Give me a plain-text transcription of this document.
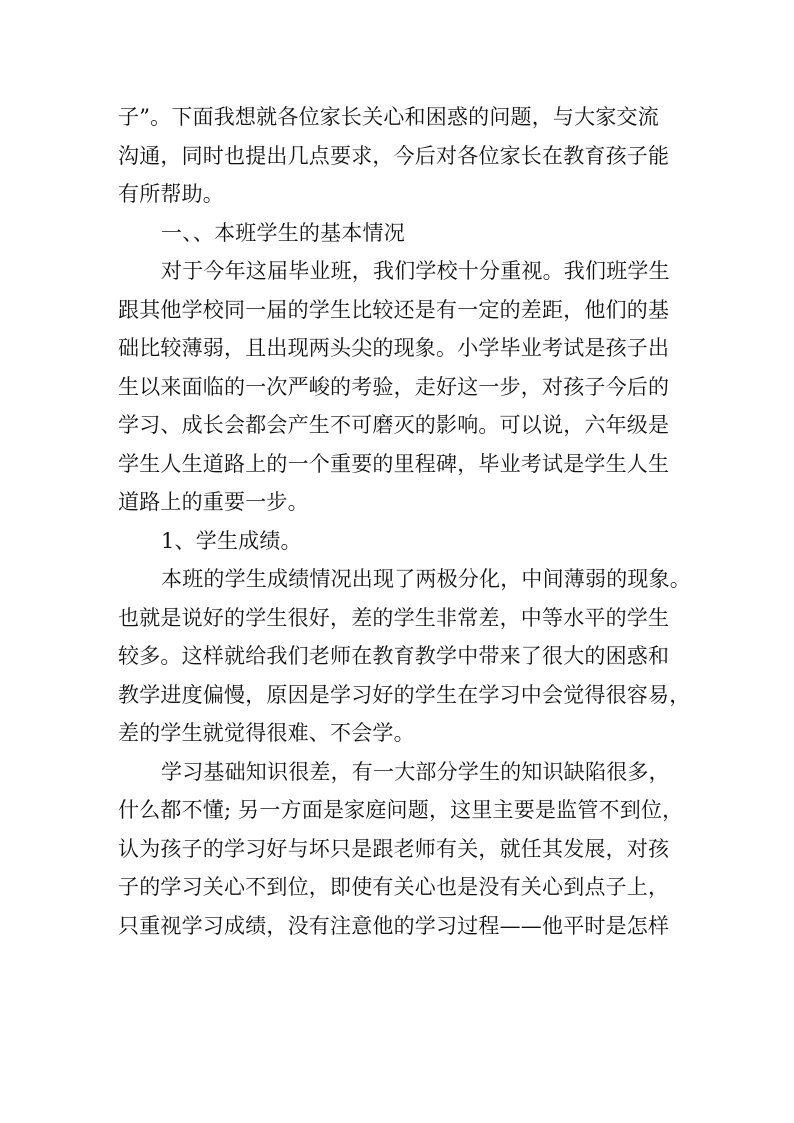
子”。下面我想就各位家长关心和困惑的问题，与大家交流
沟通，同时也提出几点要求，今后对各位家长在教育孩子能
有所帮助。
一、、本班学生的基本情况
对于今年这届毕业班，我们学校十分重视。我们班学生
跟其他学校同一届的学生比较还是有一定的差距，他们的基
础比较薄弱，且出现两头尖的现象。小学毕业考试是孩子出
生以来面临的一次严峻的考验，走好这一步，对孩子今后的
学习、成长会都会产生不可磨灭的影响。可以说，六年级是
学生人生道路上的一个重要的里程碑，毕业考试是学生人生
道路上的重要一步。
1、学生成绩。
本班的学生成绩情况出现了两极分化，中间薄弱的现象。
也就是说好的学生很好，差的学生非常差，中等水平的学生
较多。这样就给我们老师在教育教学中带来了很大的困惑和
教学进度偏慢，原因是学习好的学生在学习中会觉得很容易，
差的学生就觉得很难、不会学。
学习基础知识很差，有一大部分学生的知识缺陷很多，
什么都不懂; 另一方面是家庭问题，这里主要是监管不到位，
认为孩子的学习好与坏只是跟老师有关，就任其发展，对孩
子的学习关心不到位，即使有关心也是没有关心到点子上，
只重视学习成绩，没有注意他的学习过程——他平时是怎样
